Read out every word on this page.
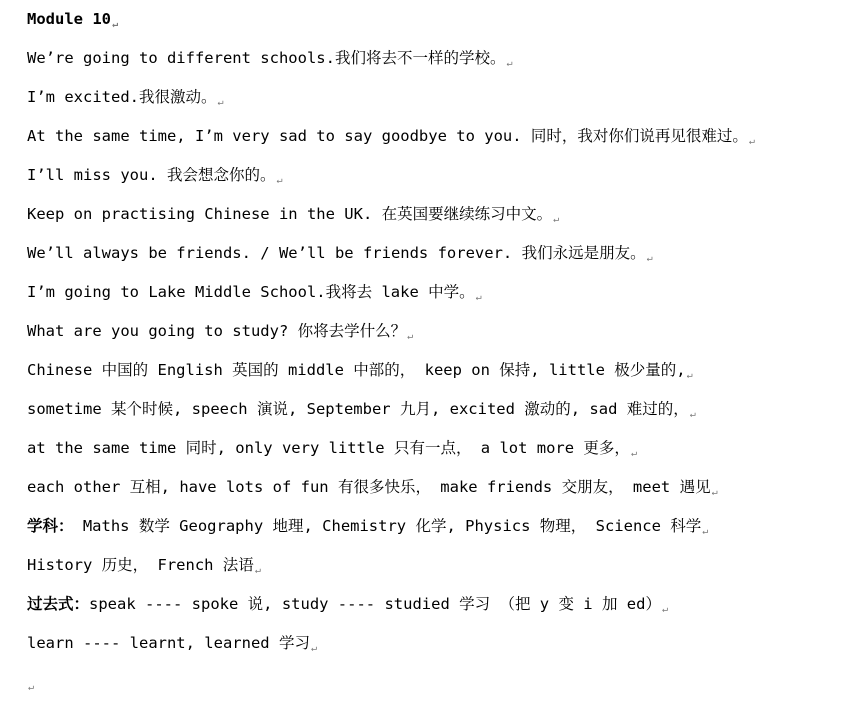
Module 10↵
We’re going to different schools.我们将去不一样的学校。↵
I’m excited.我很激动。↵
At the same time, I’m very sad to say goodbye to you. 同时，我对你们说再见很难过。↵
I’ll miss you. 我会想念你的。↵
Keep on practising Chinese in the UK. 在英国要继续练习中文。↵
We’ll always be friends. / We’ll be friends forever. 我们永远是朋友。↵
I’m going to Lake Middle School.我将去 lake 中学。↵
What are you going to study? 你将去学什么？↵
Chinese 中国的 English 英国的 middle 中部的， keep on 保持, little 极少量的,↵
sometime 某个时候, speech 演说, September 九月, excited 激动的, sad 难过的，↵
at the same time 同时, only very little 只有一点， a lot more 更多，↵
each other 互相, have lots of fun 有很多快乐， make friends 交朋友， meet 遇见↵
学科： Maths 数学 Geography 地理, Chemistry 化学, Physics 物理， Science 科学↵
History 历史， French 法语↵
过去式：speak ---- spoke 说, study ---- studied 学习 （把 y 变 i 加 ed）↵
learn ---- learnt, learned 学习↵
↵
